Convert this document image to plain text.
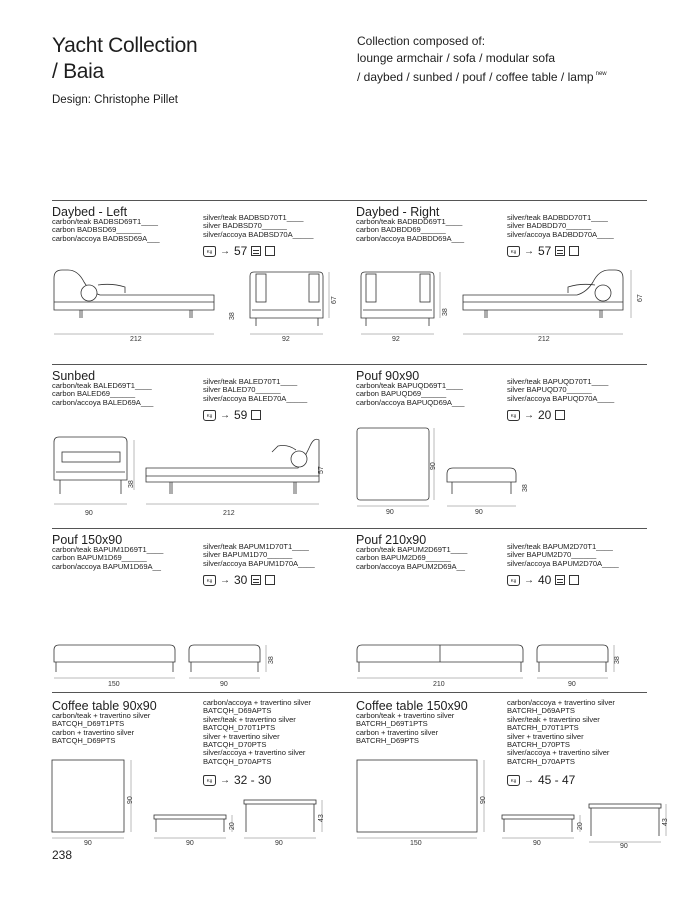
Yacht Collection
/ Baia
Design: Christophe Pillet
Collection composed of:
lounge armchair / sofa / modular sofa
/ daybed / sunbed / pouf / coffee table / lamp $^{new}$
Daybed - Left
carbon/teak BADBSD69T1____
carbon BADBSD69______
carbon/accoya BADBSD69A___
silver/teak BADBSD70T1____
silver BADBSD70______
silver/accoya BADBSD70A_____
Kg → 57
Daybed - Right
carbon/teak BADBDD69T1____
carbon BADBDD69______
carbon/accoya BADBDD69A___
silver/teak BADBDD70T1____
silver BADBDD70______
silver/accoya BADBDD70A____
Kg → 57
Sunbed
carbon/teak BALED69T1____
carbon BALED69______
carbon/accoya BALED69A___
silver/teak BALED70T1____
silver BALED70______
silver/accoya BALED70A_____
Kg → 59
Pouf 90x90
carbon/teak BAPUQD69T1____
carbon BAPUQD69______
carbon/accoya BAPUQD69A___
silver/teak BAPUQD70T1____
silver BAPUQD70______
silver/accoya BAPUQD70A____
Kg → 20
Pouf 150x90
carbon/teak BAPUM1D69T1____
carbon BAPUM1D69______
carbon/accoya BAPUM1D69A__
silver/teak BAPUM1D70T1____
silver BAPUM1D70______
silver/accoya BAPUM1D70A____
Kg → 30
Pouf 210x90
carbon/teak BAPUM2D69T1____
carbon BAPUM2D69______
carbon/accoya BAPUM2D69A__
silver/teak BAPUM2D70T1____
silver BAPUM2D70______
silver/accoya BAPUM2D70A____
Kg → 40
Coffee table 90x90
carbon/teak + travertino silver
BATCQH_D69T1PTS
carbon + travertino silver
BATCQH_D69PTS
carbon/accoya + travertino silver
BATCQH_D69APTS
silver/teak + travertino silver
BATCQH_D70T1PTS
silver + travertino silver
BATCQH_D70PTS
silver/accoya + travertino silver
BATCQH_D70APTS
Kg → 32 - 30
Coffee table 150x90
carbon/teak + travertino silver
BATCRH_D69T1PTS
carbon + travertino silver
BATCRH_D69PTS
carbon/accoya + travertino silver
BATCRH_D69APTS
silver/teak + travertino silver
BATCRH_D70T1PTS
silver + travertino silver
BATCRH_D70PTS
silver/accoya + travertino silver
BATCRH_D70APTS
Kg → 45 - 47
212
38
92
67
92
38
212
67
90
38
212
57
90
90
38
90
150	90
38
210	90
38
90
90
90
20
90
43
150
90
90
20
90
43
238
